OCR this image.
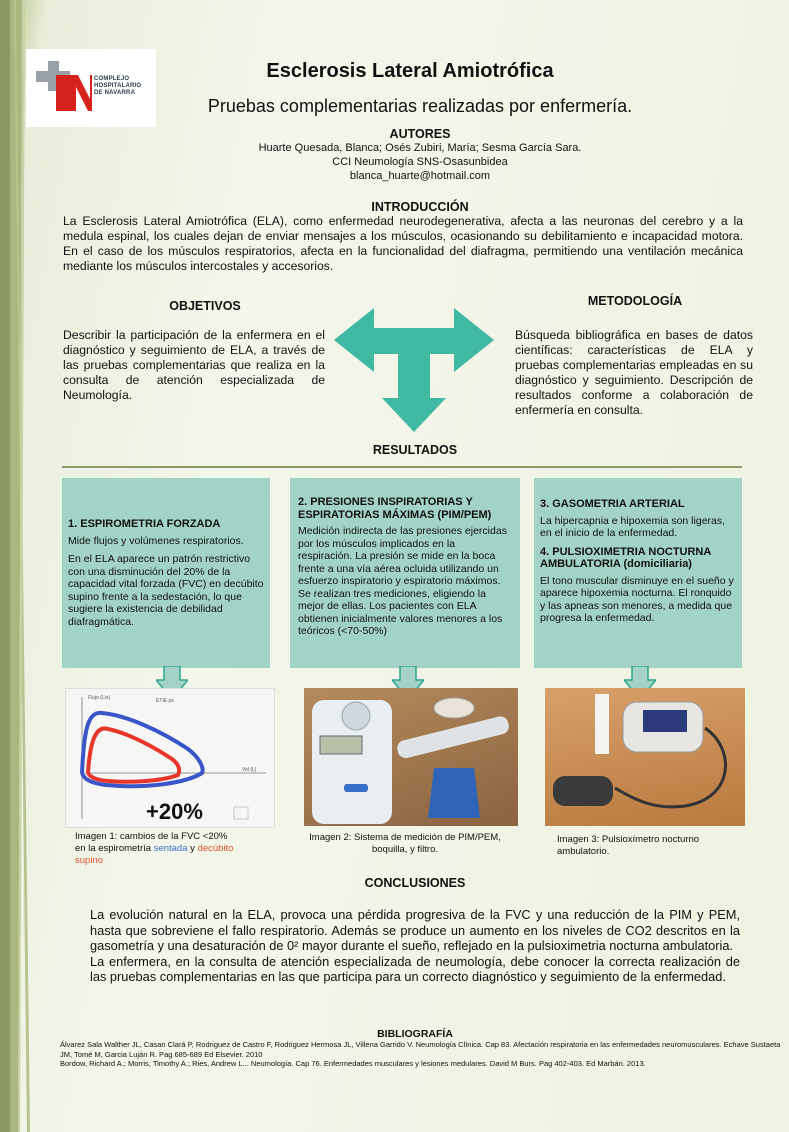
COMPLEJO
HOSPITALARIO
DE NAVARRA
Esclerosis Lateral Amiotrófica
Pruebas complementarias realizadas por enfermería.
AUTORES
Huarte Quesada, Blanca; Osés Zubiri, María; Sesma García Sara.
CCI Neumología SNS-Osasunbidea
blanca_huarte@hotmail.com
INTRODUCCIÓN
La Esclerosis Lateral Amiotrófica (ELA), como enfermedad neurodegenerativa, afecta a las neuronas del cerebro y a la medula espinal, los cuales dejan de enviar mensajes a los músculos, ocasionando su debilitamiento e incapacidad motora. En el caso de los músculos respiratorios, afecta en la funcionalidad del diafragma, permitiendo una ventilación mecánica mediante los músculos intercostales y accesorios.
OBJETIVOS
Describir la participación de la enfermera en el diagnóstico y seguimiento de ELA, a través de las pruebas complementarias que realiza en la consulta de atención especializada de Neumología.
METODOLOGÍA
Búsqueda bibliográfica en bases de datos científicas: características de ELA y pruebas complementarias empleadas en su diagnóstico y seguimiento. Descripción de resultados conforme a colaboración de enfermería en consulta.
RESULTADOS
1. ESPIROMETRIA FORZADA

Mide flujos y volúmenes respiratorios.

En el ELA aparece un patrón restrictivo con una disminución del 20% de la capacidad vital forzada (FVC) en decúbito supino frente a la sedestación, lo que sugiere la existencia de debilidad diafragmática.

2. PRESIONES INSPIRATORIAS Y ESPIRATORIAS MÁXIMAS (PIM/PEM)

Medición indirecta de las presiones ejercidas por los músculos implicados en la respiración. La presión se mide en la boca frente a una vía aérea ocluida utilizando un esfuerzo inspiratorio y espiratorio máximos. Se realizan tres mediciones, eligiendo la mejor de ellas. Los pacientes con ELA obtienen inicialmente valores menores a los teóricos (<70-50%)

3. GASOMETRIA ARTERIAL

La hipercapnia e hipoxemia son ligeras, en el inicio de la enfermedad.

4. PULSIOXIMETRIA NOCTURNA AMBULATORIA (domiciliaria)

El tono muscular disminuye en el sueño y aparece hipoxemia nocturna. El ronquido y las apneas son menores, a medida que progresa la enfermedad.

Flujo (L/s)	ETIE ps
Vol (L)
+20%
Imagen 1: cambios de la FVC <20%
en la espirometría sentada y decúbito
supino
Imagen 2: Sistema de medición de PIM/PEM, boquilla, y filtro.
Imagen 3: Pulsioxímetro nocturno ambulatorio.
CONCLUSIONES
La evolución natural en la ELA, provoca una pérdida progresiva de la FVC y una reducción de la PIM y PEM, hasta que sobreviene el fallo respiratorio. Además se produce un aumento en los niveles de CO2 descritos en la gasometría y una desaturación de 0² mayor durante el sueño, reflejado en la pulsioximetria nocturna ambulatoria.
La enfermera, en la consulta de atención especializada de neumología, debe conocer la correcta realización de las pruebas complementarias en las que participa para un correcto diagnóstico y seguimiento de la enfermedad.
BIBLIOGRAFÍA
Álvarez Sala Walther JL, Casan Clará P, Rodriguez de Castro F, Rodriguez Hermosa JL, Villena Garrido V. Neumología Clínica. Cap 83. Afectación respiratoria en las enfermedades neuromusculares. Echave Sustaeta JM, Tomé M, Garcia Luján R. Pag 685-689 Ed Elsevier. 2010
Bordow, Richard A.; Morris, Timothy A.; Ries, Andrew L... Neumología. Cap 76. Enfermedades musculares y lesiones medulares. David M Burs. Pag 402-403. Ed Marbán. 2013.
